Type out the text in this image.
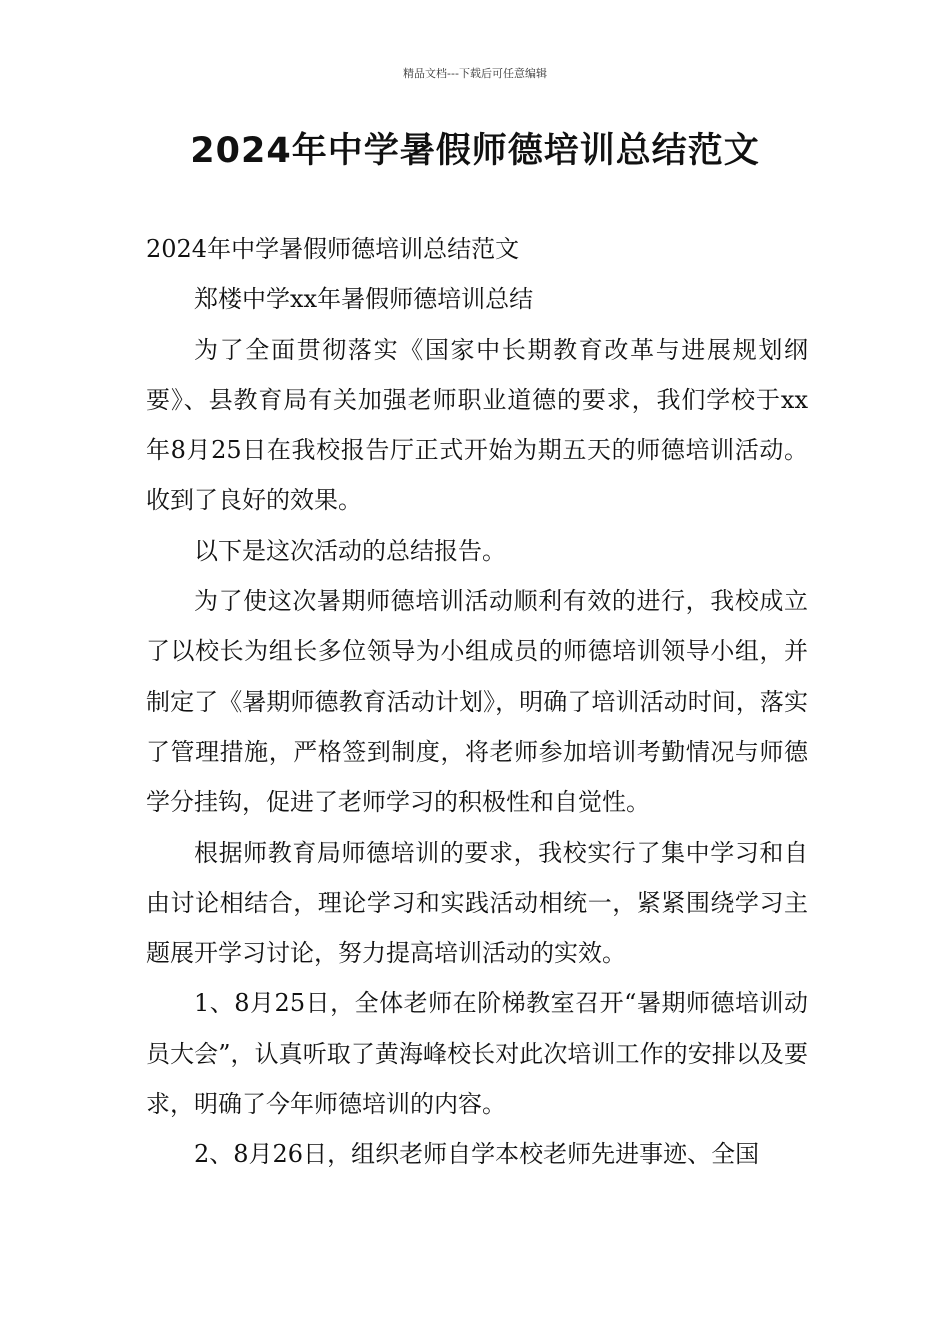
精品文档---下载后可任意编辑
2024年中学暑假师德培训总结范文

2024年中学暑假师德培训总结范文

郑楼中学xx年暑假师德培训总结

为了全面贯彻落实《国家中长期教育改革与进展规划纲要》、县教育局有关加强老师职业道德的要求，我们学校于xx年8月25日在我校报告厅正式开始为期五天的师德培训活动。收到了良好的效果。

以下是这次活动的总结报告。

为了使这次暑期师德培训活动顺利有效的进行，我校成立了以校长为组长多位领导为小组成员的师德培训领导小组，并制定了《暑期师德教育活动计划》，明确了培训活动时间，落实了管理措施，严格签到制度，将老师参加培训考勤情况与师德学分挂钩，促进了老师学习的积极性和自觉性。

根据师教育局师德培训的要求，我校实行了集中学习和自由讨论相结合，理论学习和实践活动相统一，紧紧围绕学习主题展开学习讨论，努力提高培训活动的实效。

1、8月25日，全体老师在阶梯教室召开“暑期师德培训动员大会”，认真听取了黄海峰校长对此次培训工作的安排以及要求，明确了今年师德培训的内容。

2、8月26日，组织老师自学本校老师先进事迹、全国
